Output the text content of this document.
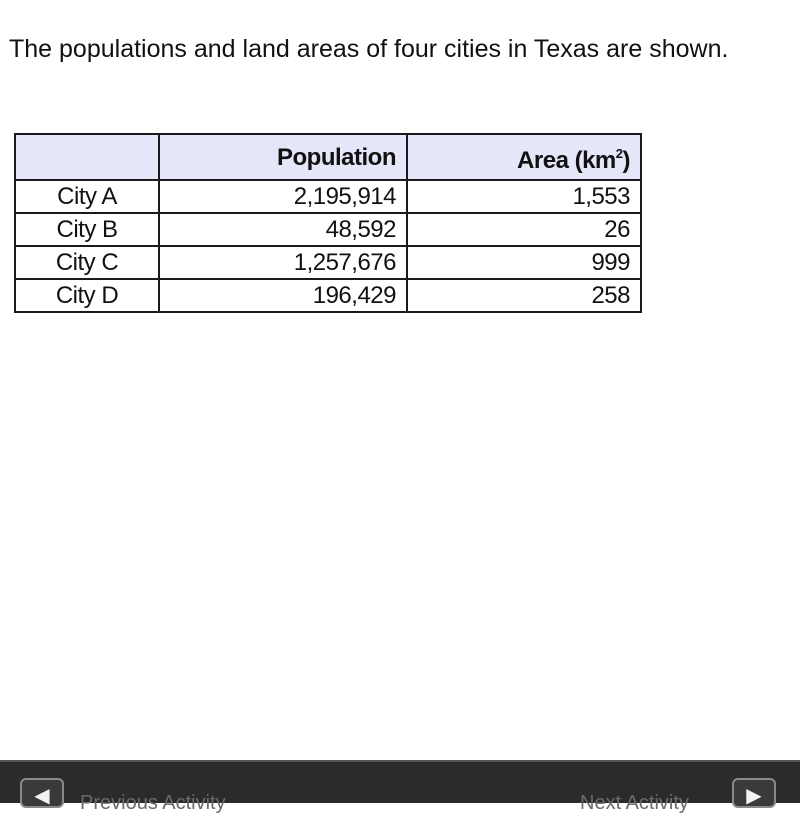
The populations and land areas of four cities in Texas are shown.

	Population	Area $(km^2)$
City A	2,195,914	1,553
City B	48,592	26
City C	1,257,676	999
City D	196,429	258
◀	Previous Activity	Next Activity	▶
